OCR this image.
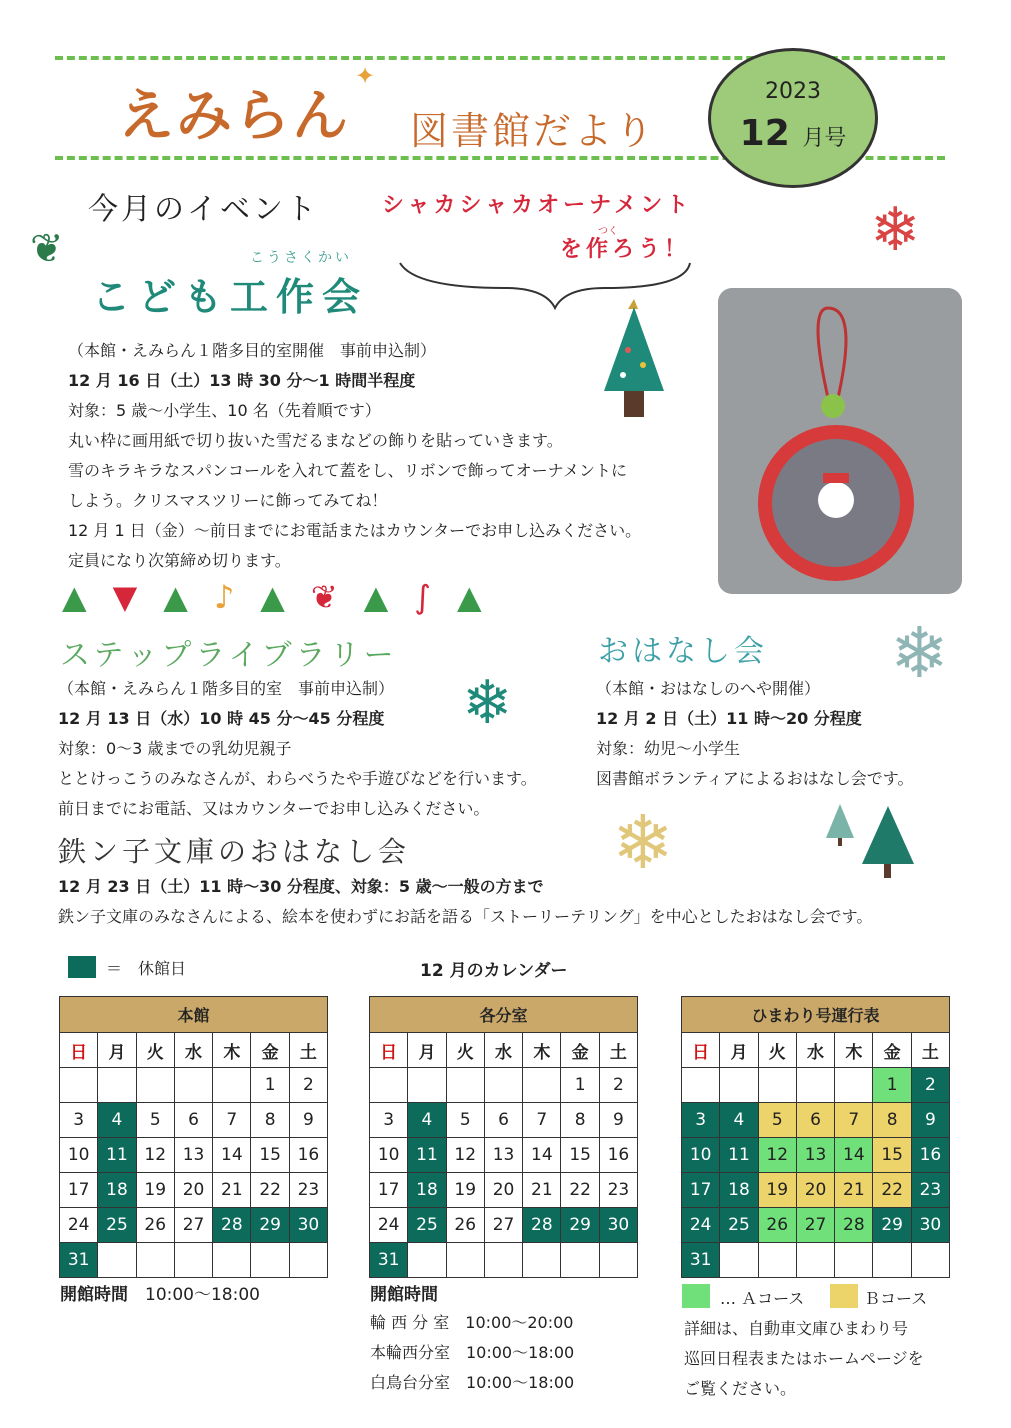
えみらん
✦
図書館だより
2023
12 月号
今月のイベント	シャカシャカオーナメント
つく
を作ろう！
❦	❄
こうさくかい
こども工作会
（本館・えみらん１階多目的室開催　事前申込制）
12 月 16 日（土）13 時 30 分～1 時間半程度
対象：5 歳～小学生、10 名（先着順です）
丸い枠に画用紙で切り抜いた雪だるまなどの飾りを貼っていきます。
雪のキラキラなスパンコールを入れて蓋をし、リボンで飾ってオーナメントに
しよう。クリスマスツリーに飾ってみてね！
12 月 1 日（金）～前日までにお電話またはカウンターでお申し込みください。
定員になり次第締め切ります。
▲▼▲♪▲❦▲∫▲
ステップライブラリー
❄
（本館・えみらん１階多目的室　事前申込制）
12 月 13 日（水）10 時 45 分～45 分程度
対象：0～3 歳までの乳幼児親子
ととけっこうのみなさんが、わらべうたや手遊びなどを行います。
前日までにお電話、又はカウンターでお申し込みください。
おはなし会 ❄
（本館・おはなしのへや開催）
12 月 2 日（土）11 時～20 分程度
対象：幼児～小学生
図書館ボランティアによるおはなし会です。
❄
鉄ン子文庫のおはなし会
12 月 23 日（土）11 時～30 分程度、対象：5 歳～一般の方まで
鉄ン子文庫のみなさんによる、絵本を使わずにお話を語る「ストーリーテリング」を中心としたおはなし会です。
＝　休館日	12 月のカレンダー
本館						
日	月	火	水	木	金	土
					1	2
3	4	5	6	7	8	9
10	11	12	13	14	15	16
17	18	19	20	21	22	23
24	25	26	27	28	29	30
31						
各分室						
日	月	火	水	木	金	土
					1	2
3	4	5	6	7	8	9
10	11	12	13	14	15	16
17	18	19	20	21	22	23
24	25	26	27	28	29	30
31						
ひまわり号運行表						
日	月	火	水	木	金	土
					1	2
3	4	5	6	7	8	9
10	11	12	13	14	15	16
17	18	19	20	21	22	23
24	25	26	27	28	29	30
31						
開館時間　 10:00～18:00	開館時間
輪 西 分 室　10:00～20:00
本輪西分室　10:00～18:00
白鳥台分室　10:00～18:00
… Ａコース	Ｂコース
詳細は、自動車文庫ひまわり号
巡回日程表またはホームページを
ご覧ください。
